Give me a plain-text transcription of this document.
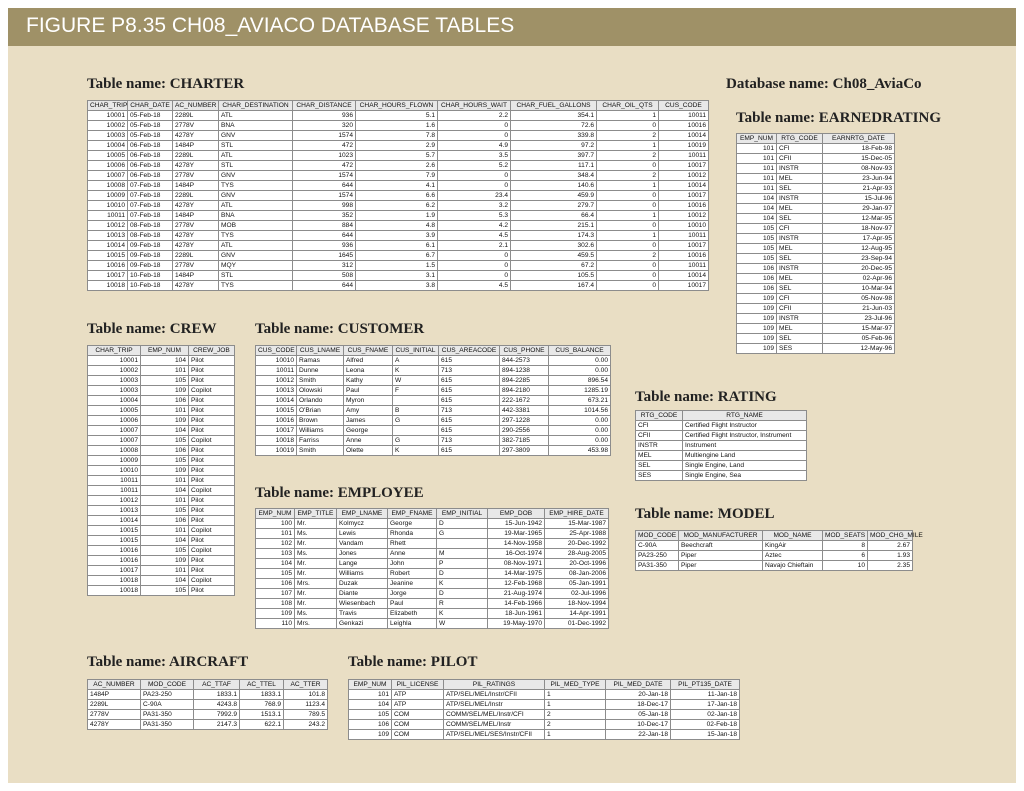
FIGURE P8.35 CH08_AVIACO DATABASE TABLES
Table name: CHARTER
CHAR_TRIP	CHAR_DATE	AC_NUMBER	CHAR_DESTINATION	CHAR_DISTANCE	CHAR_HOURS_FLOWN	CHAR_HOURS_WAIT	CHAR_FUEL_GALLONS	CHAR_OIL_QTS	CUS_CODE
10001	05-Feb-18	2289L	ATL	936	5.1	2.2	354.1	1	10011
10002	05-Feb-18	2778V	BNA	320	1.6	0	72.6	0	10016
10003	05-Feb-18	4278Y	GNV	1574	7.8	0	339.8	2	10014
10004	06-Feb-18	1484P	STL	472	2.9	4.9	97.2	1	10019
10005	06-Feb-18	2289L	ATL	1023	5.7	3.5	397.7	2	10011
10006	06-Feb-18	4278Y	STL	472	2.6	5.2	117.1	0	10017
10007	06-Feb-18	2778V	GNV	1574	7.9	0	348.4	2	10012
10008	07-Feb-18	1484P	TYS	644	4.1	0	140.6	1	10014
10009	07-Feb-18	2289L	GNV	1574	6.6	23.4	459.9	0	10017
10010	07-Feb-18	4278Y	ATL	998	6.2	3.2	279.7	0	10016
10011	07-Feb-18	1484P	BNA	352	1.9	5.3	66.4	1	10012
10012	08-Feb-18	2778V	MOB	884	4.8	4.2	215.1	0	10010
10013	08-Feb-18	4278Y	TYS	644	3.9	4.5	174.3	1	10011
10014	09-Feb-18	4278Y	ATL	936	6.1	2.1	302.6	0	10017
10015	09-Feb-18	2289L	GNV	1645	6.7	0	459.5	2	10016
10016	09-Feb-18	2778V	MQY	312	1.5	0	67.2	0	10011
10017	10-Feb-18	1484P	STL	508	3.1	0	105.5	0	10014
10018	10-Feb-18	4278Y	TYS	644	3.8	4.5	167.4	0	10017
Database name: Ch08_AviaCo
Table name: EARNEDRATING
EMP_NUM	RTG_CODE	EARNRTG_DATE
101	CFI	18-Feb-98
101	CFII	15-Dec-05
101	INSTR	08-Nov-93
101	MEL	23-Jun-94
101	SEL	21-Apr-93
104	INSTR	15-Jul-96
104	MEL	29-Jan-97
104	SEL	12-Mar-95
105	CFI	18-Nov-97
105	INSTR	17-Apr-95
105	MEL	12-Aug-95
105	SEL	23-Sep-94
106	INSTR	20-Dec-95
106	MEL	02-Apr-96
106	SEL	10-Mar-94
109	CFI	05-Nov-98
109	CFII	21-Jun-03
109	INSTR	23-Jul-96
109	MEL	15-Mar-97
109	SEL	05-Feb-96
109	SES	12-May-96
Table name: CREW
CHAR_TRIP	EMP_NUM	CREW_JOB
10001	104	Pilot
10002	101	Pilot
10003	105	Pilot
10003	109	Copilot
10004	106	Pilot
10005	101	Pilot
10006	109	Pilot
10007	104	Pilot
10007	105	Copilot
10008	106	Pilot
10009	105	Pilot
10010	109	Pilot
10011	101	Pilot
10011	104	Copilot
10012	101	Pilot
10013	105	Pilot
10014	106	Pilot
10015	101	Copilot
10015	104	Pilot
10016	105	Copilot
10016	109	Pilot
10017	101	Pilot
10018	104	Copilot
10018	105	Pilot
Table name: CUSTOMER
CUS_CODE	CUS_LNAME	CUS_FNAME	CUS_INITIAL	CUS_AREACODE	CUS_PHONE	CUS_BALANCE
10010	Ramas	Alfred	A	615	844-2573	0.00
10011	Dunne	Leona	K	713	894-1238	0.00
10012	Smith	Kathy	W	615	894-2285	896.54
10013	Olowski	Paul	F	615	894-2180	1285.19
10014	Orlando	Myron		615	222-1672	673.21
10015	O'Brian	Amy	B	713	442-3381	1014.56
10016	Brown	James	G	615	297-1228	0.00
10017	Williams	George		615	290-2556	0.00
10018	Farriss	Anne	G	713	382-7185	0.00
10019	Smith	Olette	K	615	297-3809	453.98
Table name: EMPLOYEE
EMP_NUM	EMP_TITLE	EMP_LNAME	EMP_FNAME	EMP_INITIAL	EMP_DOB	EMP_HIRE_DATE
100	Mr.	Kolmycz	George	D	15-Jun-1942	15-Mar-1987
101	Ms.	Lewis	Rhonda	G	19-Mar-1965	25-Apr-1988
102	Mr.	Vandam	Rhett		14-Nov-1958	20-Dec-1992
103	Ms.	Jones	Anne	M	16-Oct-1974	28-Aug-2005
104	Mr.	Lange	John	P	08-Nov-1971	20-Oct-1996
105	Mr.	Williams	Robert	D	14-Mar-1975	08-Jan-2006
106	Mrs.	Duzak	Jeanine	K	12-Feb-1968	05-Jan-1991
107	Mr.	Diante	Jorge	D	21-Aug-1974	02-Jul-1996
108	Mr.	Wiesenbach	Paul	R	14-Feb-1966	18-Nov-1994
109	Ms.	Travis	Elizabeth	K	18-Jun-1961	14-Apr-1991
110	Mrs.	Genkazi	Leighla	W	19-May-1970	01-Dec-1992
Table name: RATING
RTG_CODE	RTG_NAME
CFI	Certified Flight Instructor
CFII	Certified Flight Instructor, Instrument
INSTR	Instrument
MEL	Multiengine Land
SEL	Single Engine, Land
SES	Single Engine, Sea
Table name: MODEL
MOD_CODE	MOD_MANUFACTURER	MOD_NAME	MOD_SEATS	MOD_CHG_MILE
C-90A	Beechcraft	KingAir	8	2.67
PA23-250	Piper	Aztec	6	1.93
PA31-350	Piper	Navajo Chieftain	10	2.35
Table name: AIRCRAFT
AC_NUMBER	MOD_CODE	AC_TTAF	AC_TTEL	AC_TTER
1484P	PA23-250	1833.1	1833.1	101.8
2289L	C-90A	4243.8	768.9	1123.4
2778V	PA31-350	7992.9	1513.1	789.5
4278Y	PA31-350	2147.3	622.1	243.2
Table name: PILOT
EMP_NUM	PIL_LICENSE	PIL_RATINGS	PIL_MED_TYPE	PIL_MED_DATE	PIL_PT135_DATE
101	ATP	ATP/SEL/MEL/Instr/CFII	1	20-Jan-18	11-Jan-18
104	ATP	ATP/SEL/MEL/Instr	1	18-Dec-17	17-Jan-18
105	COM	COMM/SEL/MEL/Instr/CFI	2	05-Jan-18	02-Jan-18
106	COM	COMM/SEL/MEL/Instr	2	10-Dec-17	02-Feb-18
109	COM	ATP/SEL/MEL/SES/Instr/CFII	1	22-Jan-18	15-Jan-18
